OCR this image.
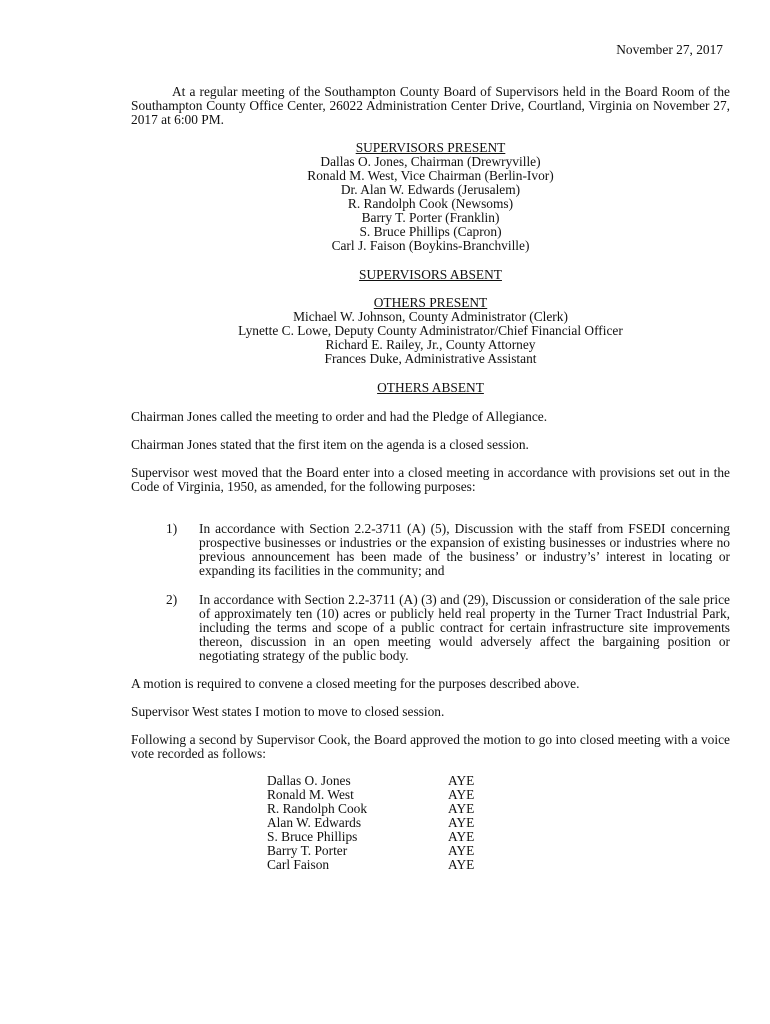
November 27, 2017

At a regular meeting of the Southampton County Board of Supervisors held in the Board Room of the Southampton County Office Center, 26022 Administration Center Drive, Courtland, Virginia on November 27, 2017 at 6:00 PM.

SUPERVISORS PRESENT

Dallas O. Jones, Chairman (Drewryville)

Ronald M. West, Vice Chairman (Berlin-Ivor)

Dr. Alan W. Edwards (Jerusalem)

R. Randolph Cook (Newsoms)

Barry T. Porter (Franklin)

S. Bruce Phillips (Capron)

Carl J. Faison (Boykins-Branchville)

SUPERVISORS ABSENT

OTHERS PRESENT

Michael W. Johnson, County Administrator (Clerk)

Lynette C. Lowe, Deputy County Administrator/Chief Financial Officer

Richard E. Railey, Jr., County Attorney

Frances Duke, Administrative Assistant

OTHERS ABSENT

Chairman Jones called the meeting to order and had the Pledge of Allegiance.

Chairman Jones stated that the first item on the agenda is a closed session.

Supervisor west moved that the Board enter into a closed meeting in accordance with provisions set out in the Code of Virginia, 1950, as amended, for the following purposes:

1) In accordance with Section 2.2-3711 (A) (5), Discussion with the staff from FSEDI concerning prospective businesses or industries or the expansion of existing businesses or industries where no previous announcement has been made of the business’ or industry’s’ interest in locating or expanding its facilities in the community; and
2) In accordance with Section 2.2-3711 (A) (3) and (29), Discussion or consideration of the sale price of approximately ten (10) acres or publicly held real property in the Turner Tract Industrial Park, including the terms and scope of a public contract for certain infrastructure site improvements thereon, discussion in an open meeting would adversely affect the bargaining position or negotiating strategy of the public body.

A motion is required to convene a closed meeting for the purposes described above.

Supervisor West states I motion to move to closed session.

Following a second by Supervisor Cook, the Board approved the motion to go into closed meeting with a voice vote recorded as follows:

Dallas O. Jones	AYE
Ronald M. West	AYE
R. Randolph Cook	AYE
Alan W. Edwards	AYE
S. Bruce Phillips	AYE
Barry T. Porter	AYE
Carl Faison	AYE
